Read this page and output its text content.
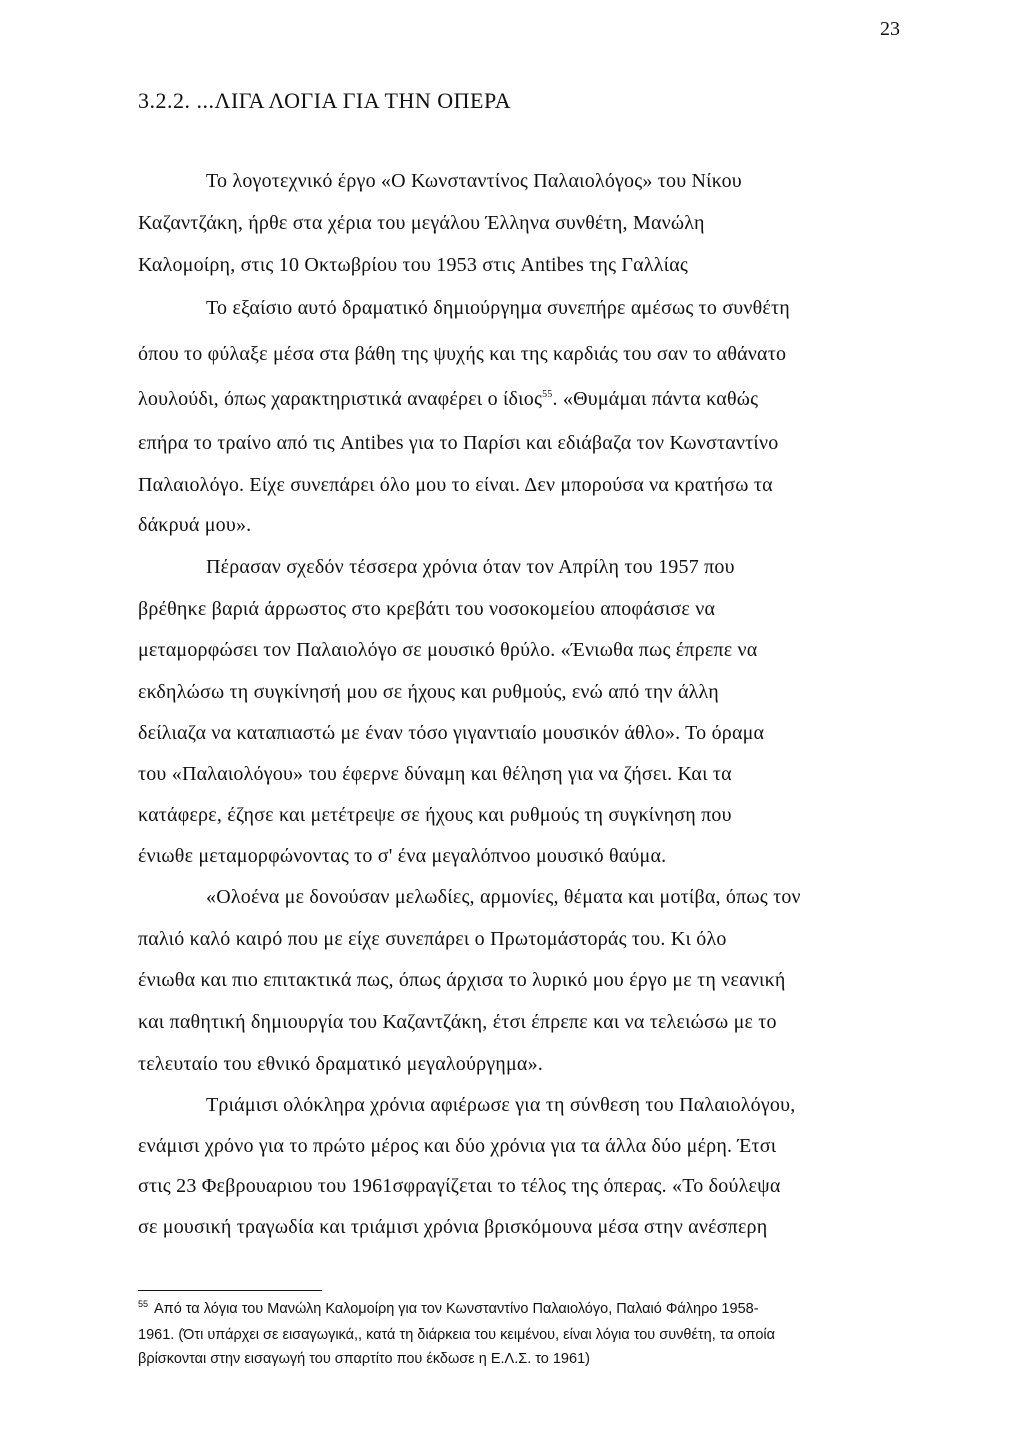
23
3.2.2. ...ΛΙΓΑ ΛΟΓΙΑ ΓΙΑ ΤΗΝ ΟΠΕΡΑ
Το λογοτεχνικό έργο «Ο Κωνσταντίνος Παλαιολόγος» του Νίκου
Καζαντζάκη, ήρθε στα χέρια του μεγάλου Έλληνα συνθέτη, Μανώλη
Καλομοίρη, στις 10 Οκτωβρίου του 1953 στις Antibes της Γαλλίας
Το εξαίσιο αυτό δραματικό δημιούργημα συνεπήρε αμέσως το συνθέτη
όπου το φύλαξε μέσα στα βάθη της ψυχής και της καρδιάς του σαν το αθάνατο
λουλούδι, όπως χαρακτηριστικά αναφέρει ο ίδιος$^{55}$. «Θυμάμαι πάντα καθώς
επήρα το τραίνο από τις Antibes για το Παρίσι και εδιάβαζα τον Κωνσταντίνο
Παλαιολόγο. Είχε συνεπάρει όλο μου το είναι. Δεν μπορούσα να κρατήσω τα
δάκρυά μου».
Πέρασαν σχεδόν τέσσερα χρόνια όταν τον Απρίλη του 1957 που
βρέθηκε βαριά άρρωστος στο κρεβάτι του νοσοκομείου αποφάσισε να
μεταμορφώσει τον Παλαιολόγο σε μουσικό θρύλο. «Ένιωθα πως έπρεπε να
εκδηλώσω τη συγκίνησή μου σε ήχους και ρυθμούς, ενώ από την άλλη
δείλιαζα να καταπιαστώ με έναν τόσο γιγαντιαίο μουσικόν άθλο». Το όραμα
του «Παλαιολόγου» του έφερνε δύναμη και θέληση για να ζήσει. Και τα
κατάφερε, έζησε και μετέτρεψε σε ήχους και ρυθμούς τη συγκίνηση που
ένιωθε μεταμορφώνοντας το σ' ένα μεγαλόπνοο μουσικό θαύμα.
«Ολοένα με δονούσαν μελωδίες, αρμονίες, θέματα και μοτίβα, όπως τον
παλιό καλό καιρό που με είχε συνεπάρει ο Πρωτομάστοράς του. Κι όλο
ένιωθα και πιο επιτακτικά πως, όπως άρχισα το λυρικό μου έργο με τη νεανική
και παθητική δημιουργία του Καζαντζάκη, έτσι έπρεπε και να τελειώσω με το
τελευταίο του εθνικό δραματικό μεγαλούργημα».
Τριάμισι ολόκληρα χρόνια αφιέρωσε για τη σύνθεση του Παλαιολόγου,
ενάμισι χρόνο για το πρώτο μέρος και δύο χρόνια για τα άλλα δύο μέρη. Έτσι
στις 23 Φεβρουαριου του 1961σφραγίζεται το τέλος της όπερας. «Το δούλεψα
σε μουσική τραγωδία και τριάμισι χρόνια βρισκόμουνα μέσα στην ανέσπερη
$^{55}$ Από τα λόγια του Μανώλη Καλομοίρη για τον Κωνσταντίνο Παλαιολόγο, Παλαιό Φάληρο 1958-
1961. (Ότι υπάρχει σε εισαγωγικά,, κατά τη διάρκεια του κειμένου, είναι λόγια του συνθέτη, τα οποία
βρίσκονται στην εισαγωγή του σπαρτίτο που έκδωσε η Ε.Λ.Σ. το 1961)
